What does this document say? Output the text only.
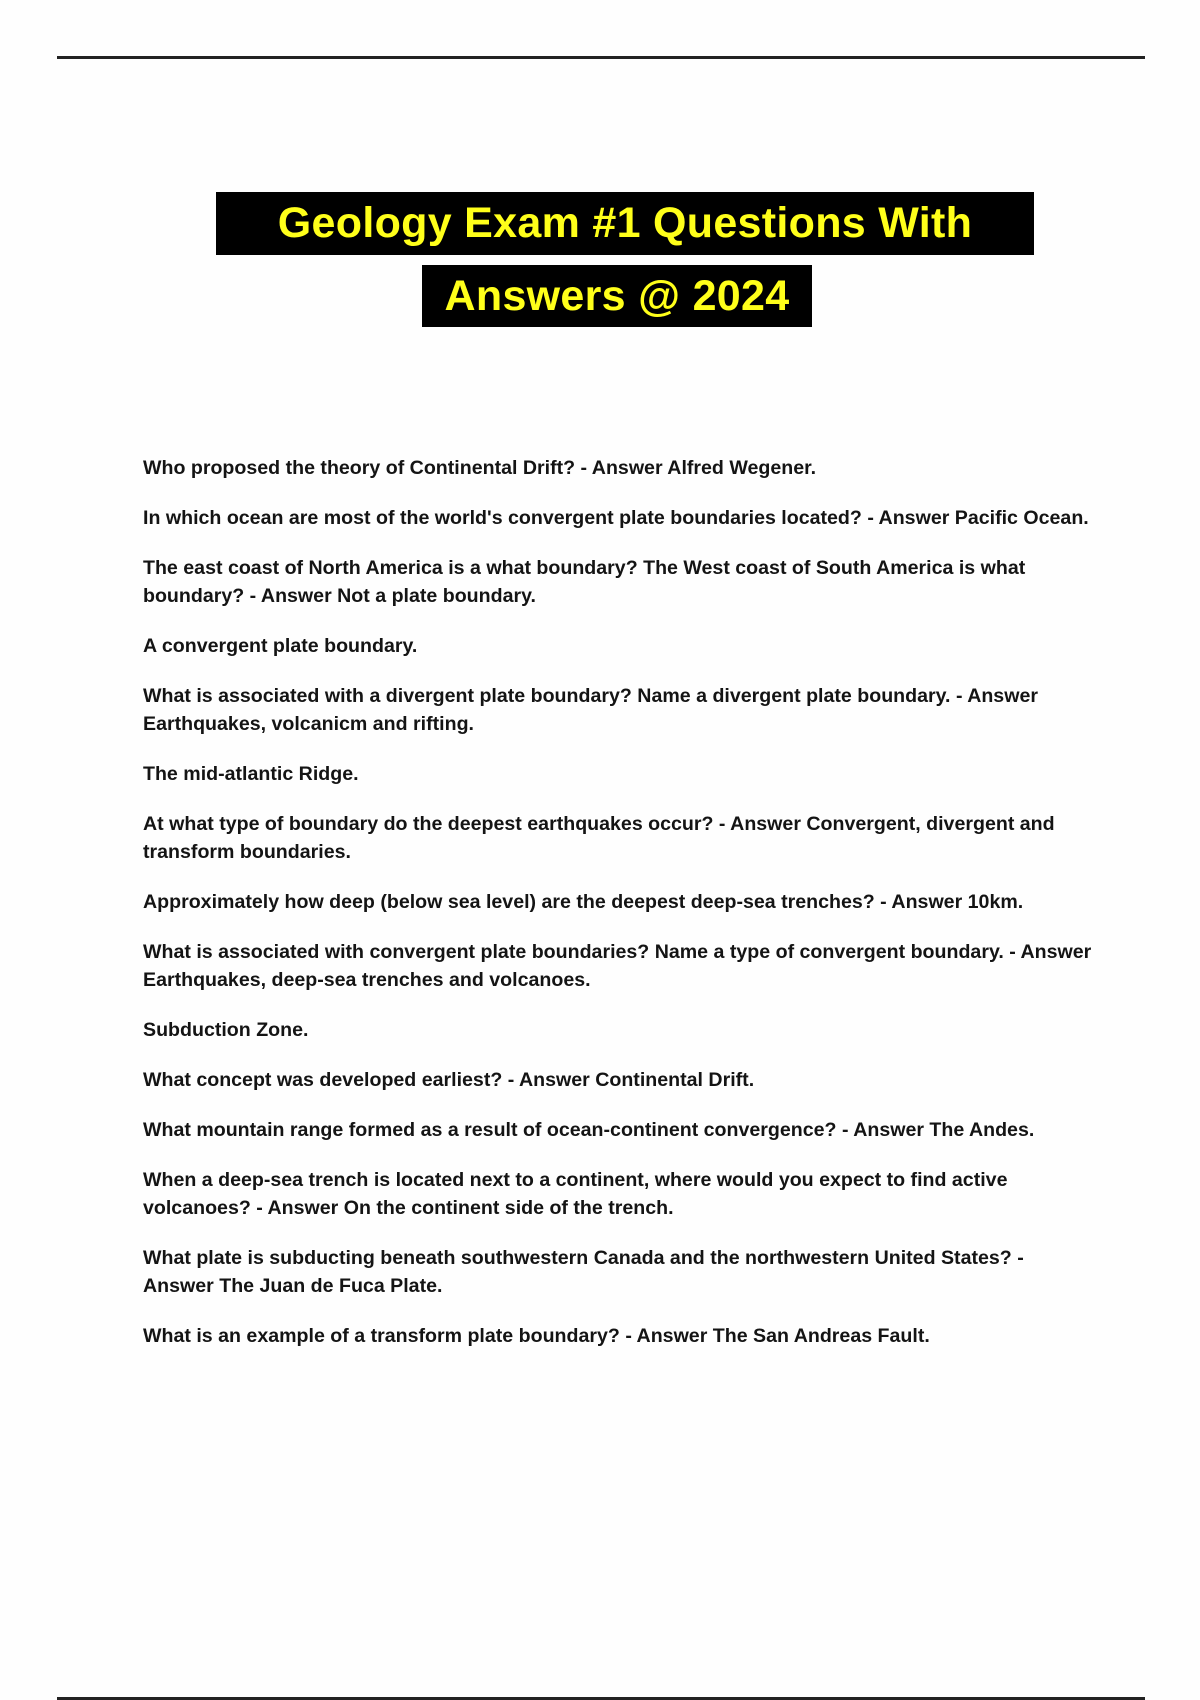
Geology Exam #1 Questions With
Answers @ 2024

Who proposed the theory of Continental Drift? - Answer Alfred Wegener.

In which ocean are most of the world's convergent plate boundaries located? - Answer Pacific Ocean.

The east coast of North America is a what boundary? The West coast of South America is what boundary? - Answer Not a plate boundary.

A convergent plate boundary.

What is associated with a divergent plate boundary? Name a divergent plate boundary. - Answer Earthquakes, volcanicm and rifting.

The mid-atlantic Ridge.

At what type of boundary do the deepest earthquakes occur? - Answer Convergent, divergent and transform boundaries.

Approximately how deep (below sea level) are the deepest deep-sea trenches? - Answer 10km.

What is associated with convergent plate boundaries? Name a type of convergent boundary. - Answer Earthquakes, deep-sea trenches and volcanoes.

Subduction Zone.

What concept was developed earliest? - Answer Continental Drift.

What mountain range formed as a result of ocean-continent convergence? - Answer The Andes.

When a deep-sea trench is located next to a continent, where would you expect to find active volcanoes? - Answer On the continent side of the trench.

What plate is subducting beneath southwestern Canada and the northwestern United States? - Answer The Juan de Fuca Plate.

What is an example of a transform plate boundary? - Answer The San Andreas Fault.
